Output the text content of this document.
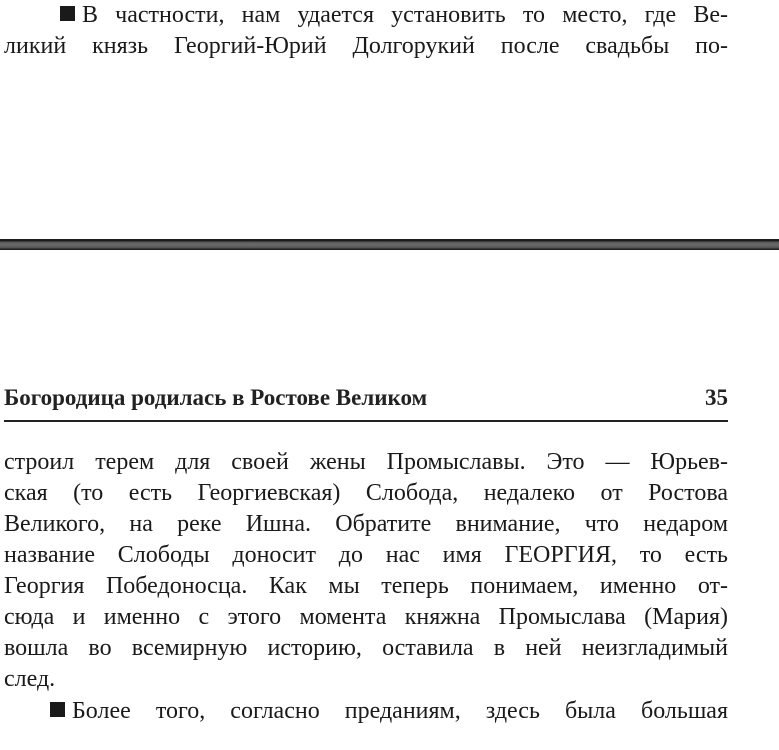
В частности, нам удается установить то место, где Ве-
ликий князь Георгий-Юрий Долгорукий после свадьбы по-
Богородица родилась в Ростове Великом	35
строил терем для своей жены Промыславы. Это — Юрьев-
ская (то есть Георгиевская) Слобода, недалеко от Ростова
Великого, на реке Ишна. Обратите внимание, что недаром
название Слободы доносит до нас имя ГЕОРГИЯ, то есть
Георгия Победоносца. Как мы теперь понимаем, именно от-
сюда и именно с этого момента княжна Промыслава (Мария)
вошла во всемирную историю, оставила в ней неизгладимый
след.
Более того, согласно преданиям, здесь была большая
